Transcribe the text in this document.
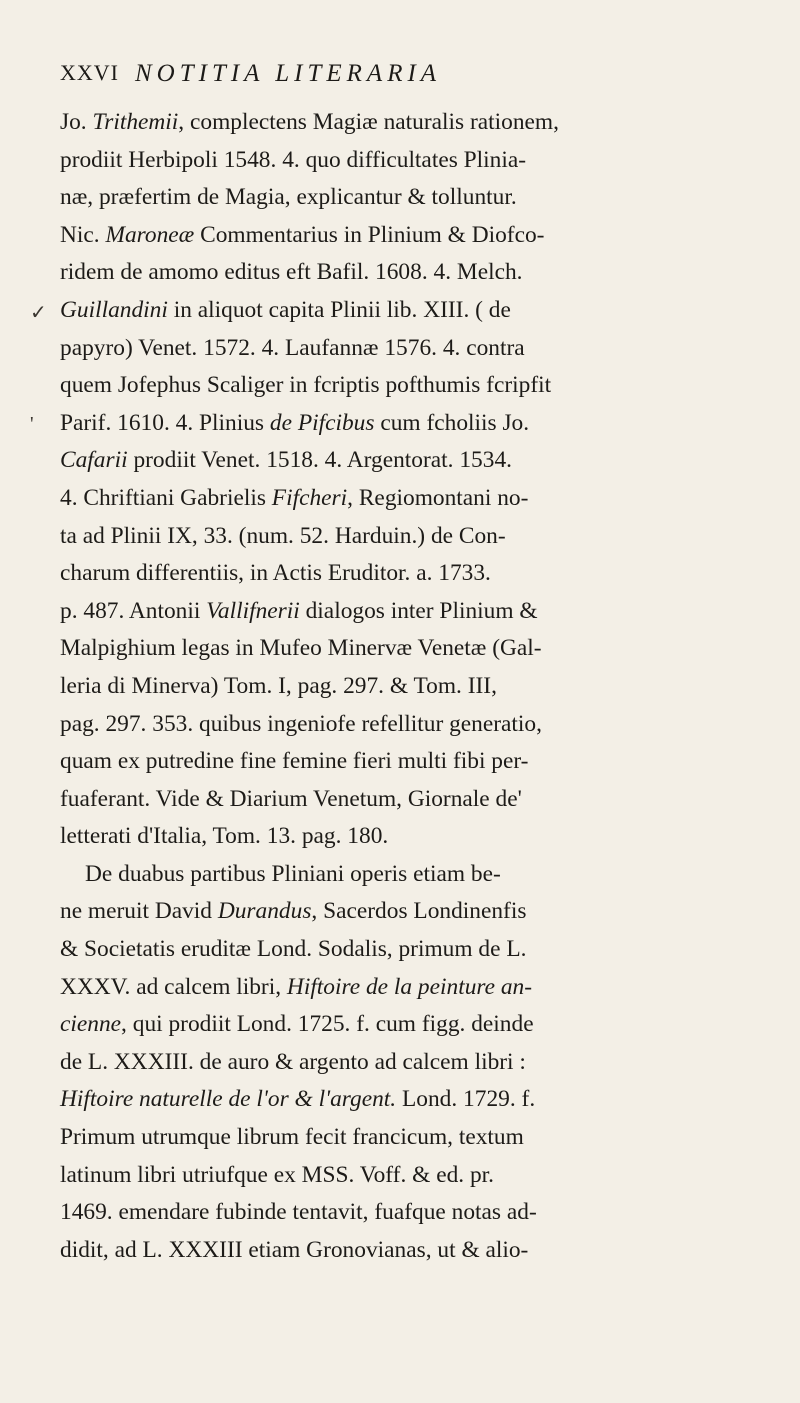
XXVI NOTITIA LITERARIA
✓
'
Jo. Trithemii, complectens Magiæ naturalis rationem,
prodiit Herbipoli 1548. 4. quo difficultates Plinia-
næ, præfertim de Magia, explicantur & tolluntur.
Nic. Maroneæ Commentarius in Plinium & Diofco-
ridem de amomo editus eft Bafil. 1608. 4. Melch.
Guillandini in aliquot capita Plinii lib. XIII. ( de
papyro) Venet. 1572. 4. Laufannæ 1576. 4. contra
quem Jofephus Scaliger in fcriptis pofthumis fcripfit
Parif. 1610. 4. Plinius de Pifcibus cum fcholiis Jo.
Cafarii prodiit Venet. 1518. 4. Argentorat. 1534.
4. Chriftiani Gabrielis Fifcheri, Regiomontani no-
ta ad Plinii IX, 33. (num. 52. Harduin.) de Con-
charum differentiis, in Actis Eruditor. a. 1733.
p. 487. Antonii Vallifnerii dialogos inter Plinium &
Malpighium legas in Mufeo Minervæ Venetæ (Gal-
leria di Minerva) Tom. I, pag. 297. & Tom. III,
pag. 297. 353. quibus ingeniofe refellitur generatio,
quam ex putredine fine femine fieri multi fibi per-
fuaferant. Vide & Diarium Venetum, Giornale de'
letterati d'Italia, Tom. 13. pag. 180.
De duabus partibus Pliniani operis etiam be-
ne meruit David Durandus, Sacerdos Londinenfis
& Societatis eruditæ Lond. Sodalis, primum de L.
XXXV. ad calcem libri, Hiftoire de la peinture an-
cienne, qui prodiit Lond. 1725. f. cum figg. deinde
de L. XXXIII. de auro & argento ad calcem libri :
Hiftoire naturelle de l'or & l'argent. Lond. 1729. f.
Primum utrumque librum fecit francicum, textum
latinum libri utriufque ex MSS. Voff. & ed. pr.
1469. emendare fubinde tentavit, fuafque notas ad-
didit, ad L. XXXIII etiam Gronovianas, ut & alio-
